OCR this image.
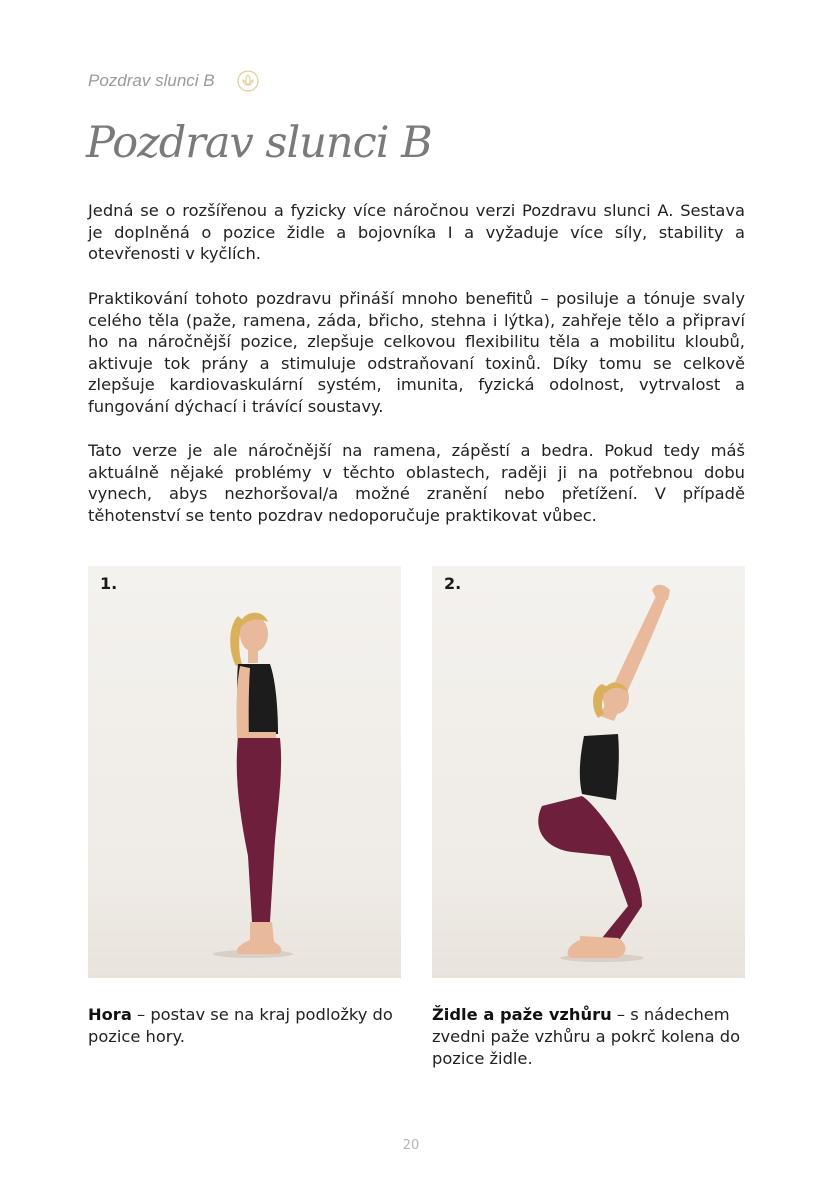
Pozdrav slunci B
Pozdrav slunci B

Jedná se o rozšířenou a fyzicky více náročnou verzi Pozdravu slunci A. Sestava je doplněná o pozice židle a bojovníka I a vyžaduje více síly, stability a otevřenosti v kyčlích.

Praktikování tohoto pozdravu přináší mnoho benefitů – posiluje a tónuje svaly celého těla (paže, ramena, záda, břicho, stehna i lýtka), zahřeje tělo a připraví ho na náročnější pozice, zlepšuje celkovou flexibilitu těla a mobilitu kloubů, aktivuje tok prány a stimuluje odstraňovaní toxinů. Díky tomu se celkově zlepšuje kardiovaskulární systém, imunita, fyzická odolnost, vytrvalost a fungování dýchací i trávící soustavy.

Tato verze je ale náročnější na ramena, zápěstí a bedra. Pokud tedy máš aktuálně nějaké problémy v těchto oblastech, raději ji na potřebnou dobu vynech, abys nezhoršoval/a možné zranění nebo přetížení. V případě těhotenství se tento pozdrav nedoporučuje praktikovat vůbec.

1.	2.

Hora – postav se na kraj podložky do pozice hory.

Židle a paže vzhůru – s nádechem zvedni paže vzhůru a pokrč kolena do pozice židle.

20
